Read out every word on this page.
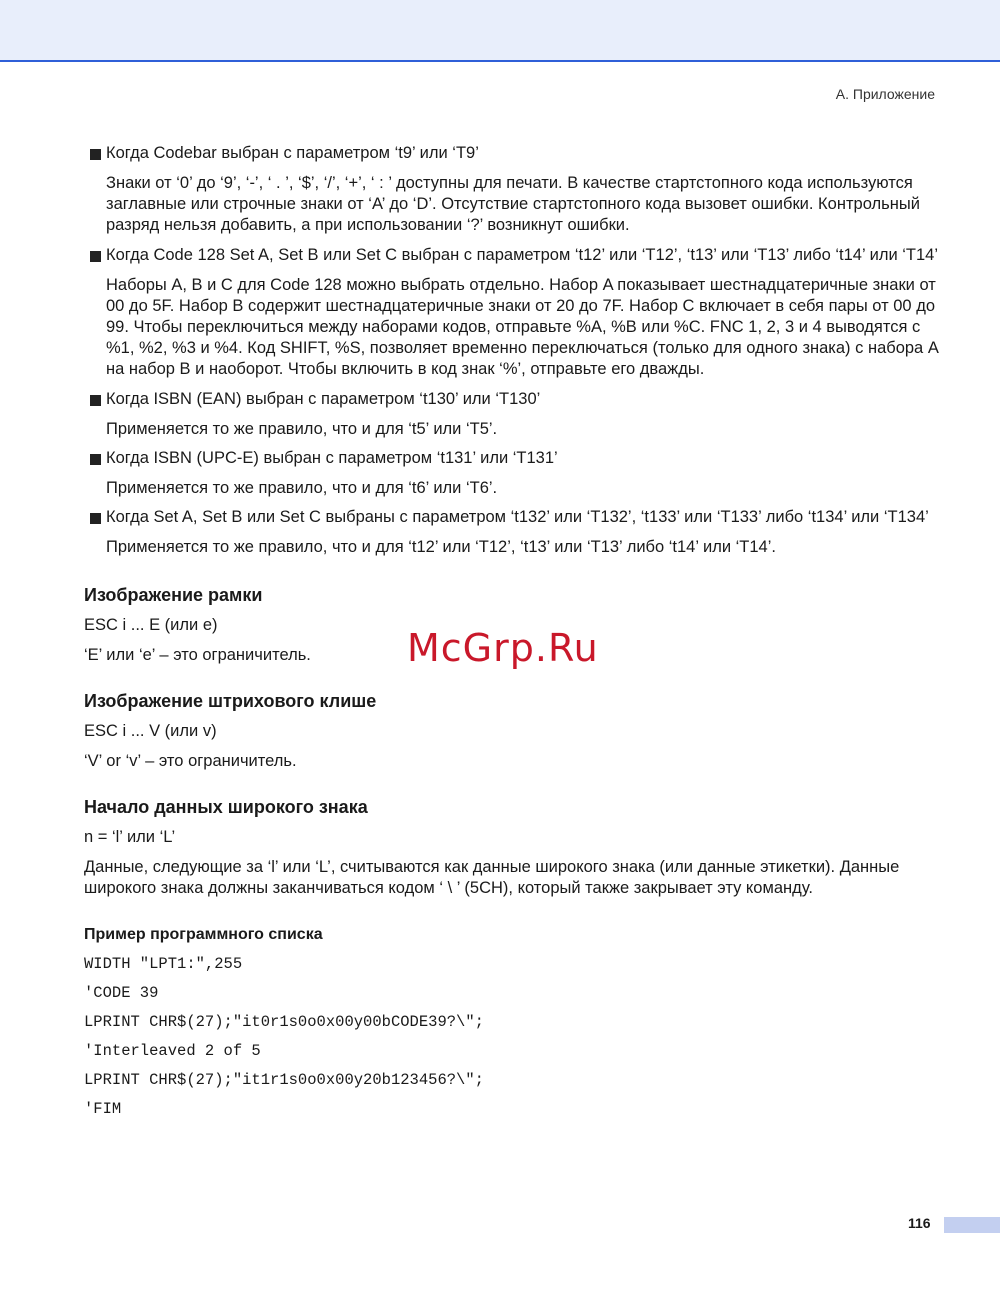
A. Приложение
Когда Codebar выбран с параметром ‘t9’ или ‘T9’
Знаки от ‘0’ до ‘9’, ‘-’, ‘ . ’, ‘$’, ‘/’, ‘+’, ‘ : ’ доступны для печати. В качестве стартстопного кода используются заглавные или строчные знаки от ‘A’ до ‘D’. Отсутствие стартстопного кода вызовет ошибки. Контрольный разряд нельзя добавить, а при использовании ‘?’ возникнут ошибки.
Когда Code 128 Set A, Set B или Set C выбран с параметром ‘t12’ или ‘T12’, ‘t13’ или ‘T13’ либо ‘t14’ или ‘T14’
Наборы A, B и C для Code 128 можно выбрать отдельно. Набор A показывает шестнадцатеричные знаки от 00 до 5F. Набор B содержит шестнадцатеричные знаки от 20 до 7F. Набор C включает в себя пары от 00 до 99. Чтобы переключиться между наборами кодов, отправьте %A, %B или %C. FNC 1, 2, 3 и 4 выводятся с %1, %2, %3 и %4. Код SHIFT, %S, позволяет временно переключаться (только для одного знака) с набора A на набор B и наоборот. Чтобы включить в код знак ‘%’, отправьте его дважды.
Когда ISBN (EAN) выбран с параметром ‘t130’ или ‘T130’
Применяется то же правило, что и для ‘t5’ или ‘T5’.
Когда ISBN (UPC-E) выбран с параметром ‘t131’ или ‘T131’
Применяется то же правило, что и для ‘t6’ или ‘T6’.
Когда Set A, Set B или Set C выбраны с параметром ‘t132’ или ‘T132’, ‘t133’ или ‘T133’ либо ‘t134’ или ‘T134’
Применяется то же правило, что и для ‘t12’ или ‘T12’, ‘t13’ или ‘T13’ либо ‘t14’ или ‘T14’.
Изображение рамки
ESC i ... E (или e)
‘E’ или ‘e’ – это ограничитель.
Изображение штрихового клише
ESC i ... V (или v)
‘V’ or ‘v’ – это ограничитель.
Начало данных широкого знака
n = ‘l’ или ‘L’
Данные, следующие за ‘l’ или ‘L’, считываются как данные широкого знака (или данные этикетки). Данные широкого знака должны заканчиваться кодом ‘ \ ’ (5CH), который также закрывает эту команду.
Пример программного списка
WIDTH "LPT1:",255
'CODE 39
LPRINT CHR$(27);"it0r1s0o0x00y00bCODE39?\";
'Interleaved 2 of 5
LPRINT CHR$(27);"it1r1s0o0x00y20b123456?\";
'FIM
McGrp.Ru
116
